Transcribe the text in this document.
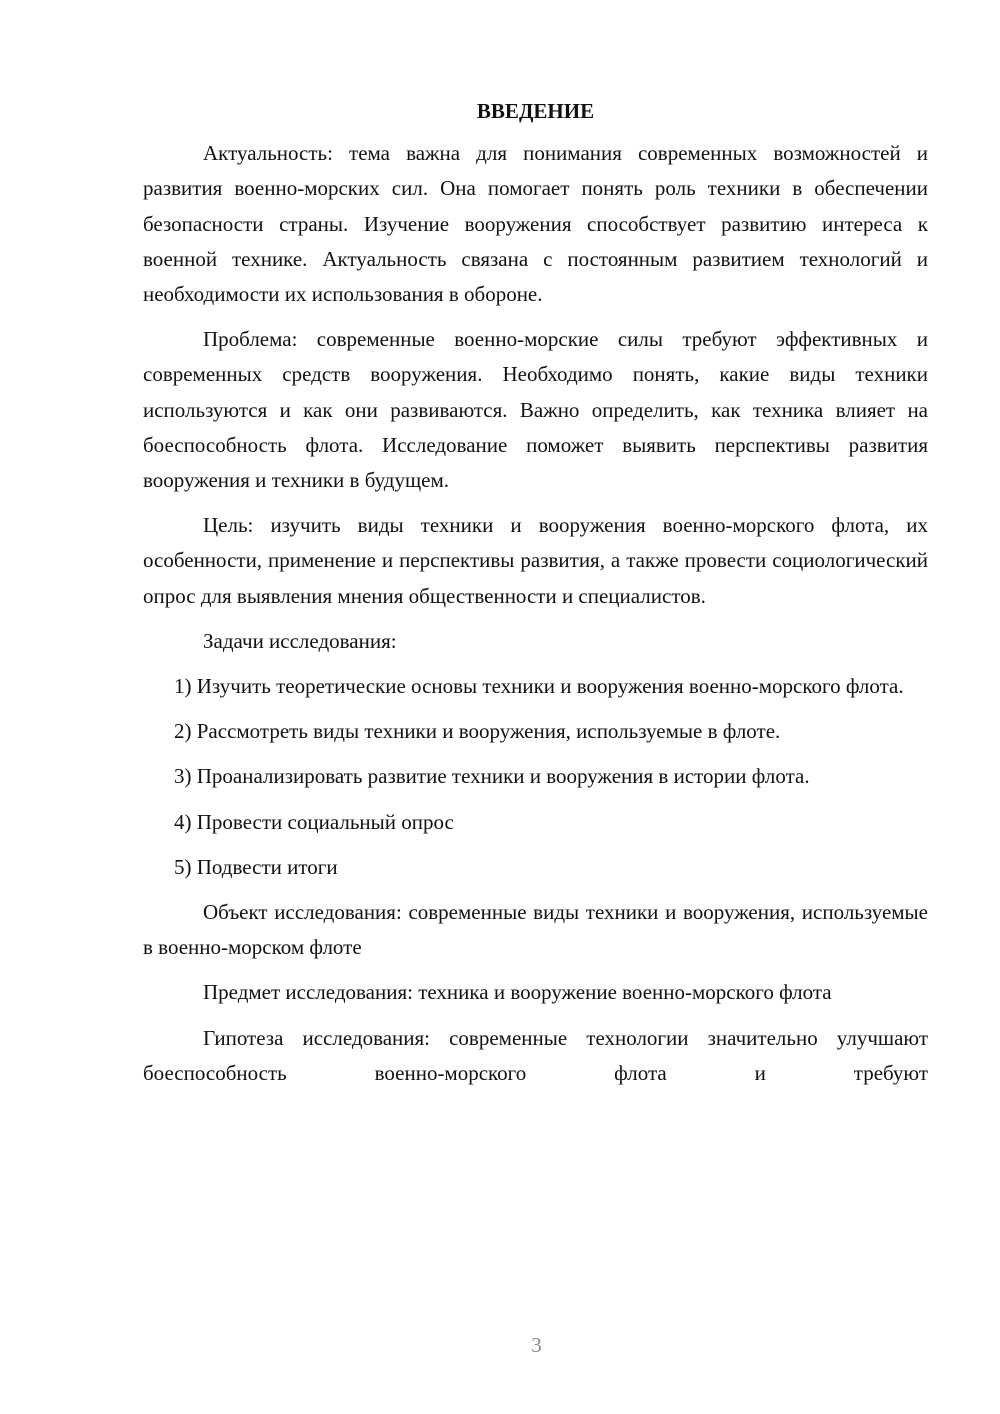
ВВЕДЕНИЕ

Актуальность: тема важна для понимания современных возможностей и развития военно-морских сил. Она помогает понять роль техники в обеспечении безопасности страны. Изучение вооружения способствует развитию интереса к военной технике. Актуальность связана с постоянным развитием технологий и необходимости их использования в обороне.

Проблема: современные военно-морские силы требуют эффективных и современных средств вооружения. Необходимо понять, какие виды техники используются и как они развиваются. Важно определить, как техника влияет на боеспособность флота. Исследование поможет выявить перспективы развития вооружения и техники в будущем.

Цель: изучить виды техники и вооружения военно-морского флота, их особенности, применение и перспективы развития, а также провести социологический опрос для выявления мнения общественности и специалистов.

Задачи исследования:

1) Изучить теоретические основы техники и вооружения военно-морского флота.

2) Рассмотреть виды техники и вооружения, используемые в флоте.

3) Проанализировать развитие техники и вооружения в истории флота.

4) Провести социальный опрос

5) Подвести итоги

Объект исследования: современные виды техники и вооружения, используемые в военно-морском флоте

Предмет исследования: техника и вооружение военно-морского флота

Гипотеза исследования: современные технологии значительно улучшают боеспособность военно-морского флота и требуют

3
